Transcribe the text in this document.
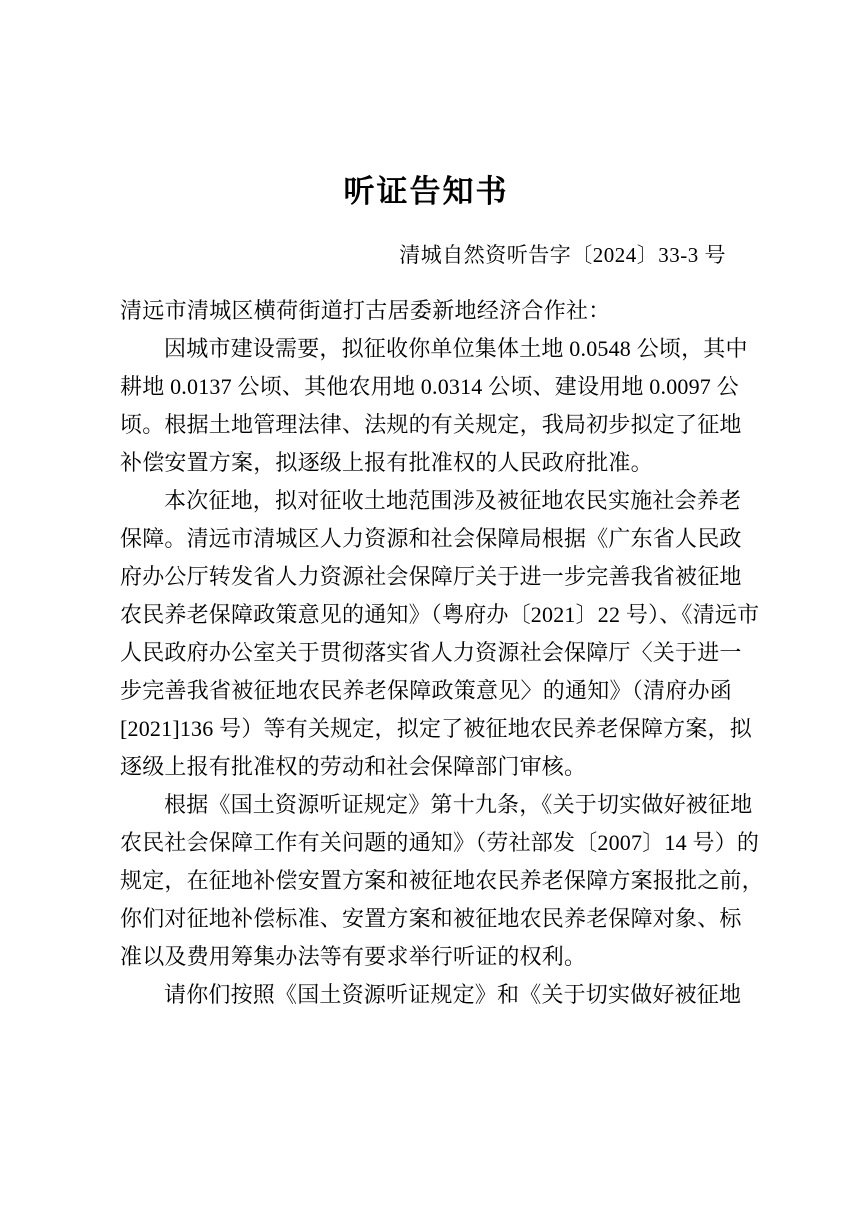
听证告知书
清城自然资听告字〔2024〕33-3 号
清远市清城区横荷街道打古居委新地经济合作社：

因城市建设需要，拟征收你单位集体土地 0.0548 公顷，其中
耕地 0.0137 公顷、其他农用地 0.0314 公顷、建设用地 0.0097 公
顷。根据土地管理法律、法规的有关规定，我局初步拟定了征地
补偿安置方案，拟逐级上报有批准权的人民政府批准。

本次征地，拟对征收土地范围涉及被征地农民实施社会养老
保障。清远市清城区人力资源和社会保障局根据《广东省人民政
府办公厅转发省人力资源社会保障厅关于进一步完善我省被征地
农民养老保障政策意见的通知》（粤府办〔2021〕22 号）、《清远市
人民政府办公室关于贯彻落实省人力资源社会保障厅〈关于进一
步完善我省被征地农民养老保障政策意见〉的通知》（清府办函
[2021]136 号）等有关规定，拟定了被征地农民养老保障方案，拟
逐级上报有批准权的劳动和社会保障部门审核。

根据《国土资源听证规定》第十九条，《关于切实做好被征地
农民社会保障工作有关问题的通知》（劳社部发〔2007〕14 号）的
规定，在征地补偿安置方案和被征地农民养老保障方案报批之前，
你们对征地补偿标准、安置方案和被征地农民养老保障对象、标
准以及费用筹集办法等有要求举行听证的权利。

请你们按照《国土资源听证规定》和《关于切实做好被征地
